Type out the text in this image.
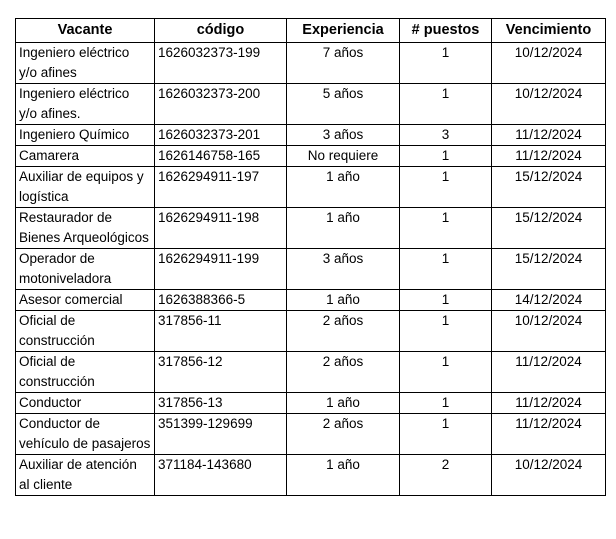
Vacante	código	Experiencia	# puestos	Vencimiento
Ingeniero eléctrico y/o afines	1626032373-199	7 años	1	10/12/2024
Ingeniero eléctrico y/o afines.	1626032373-200	5 años	1	10/12/2024
Ingeniero Químico	1626032373-201	3 años	3	11/12/2024
Camarera	1626146758-165	No requiere	1	11/12/2024
Auxiliar de equipos y logística	1626294911-197	1 año	1	15/12/2024
Restaurador de Bienes Arqueológicos	1626294911-198	1 año	1	15/12/2024
Operador de motoniveladora	1626294911-199	3 años	1	15/12/2024
Asesor comercial	1626388366-5	1 año	1	14/12/2024
Oficial de construcción	317856-11	2 años	1	10/12/2024
Oficial de construcción	317856-12	2 años	1	11/12/2024
Conductor	317856-13	1 año	1	11/12/2024
Conductor de vehículo de pasajeros	351399-129699	2 años	1	11/12/2024
Auxiliar de atención al cliente	371184-143680	1 año	2	10/12/2024
